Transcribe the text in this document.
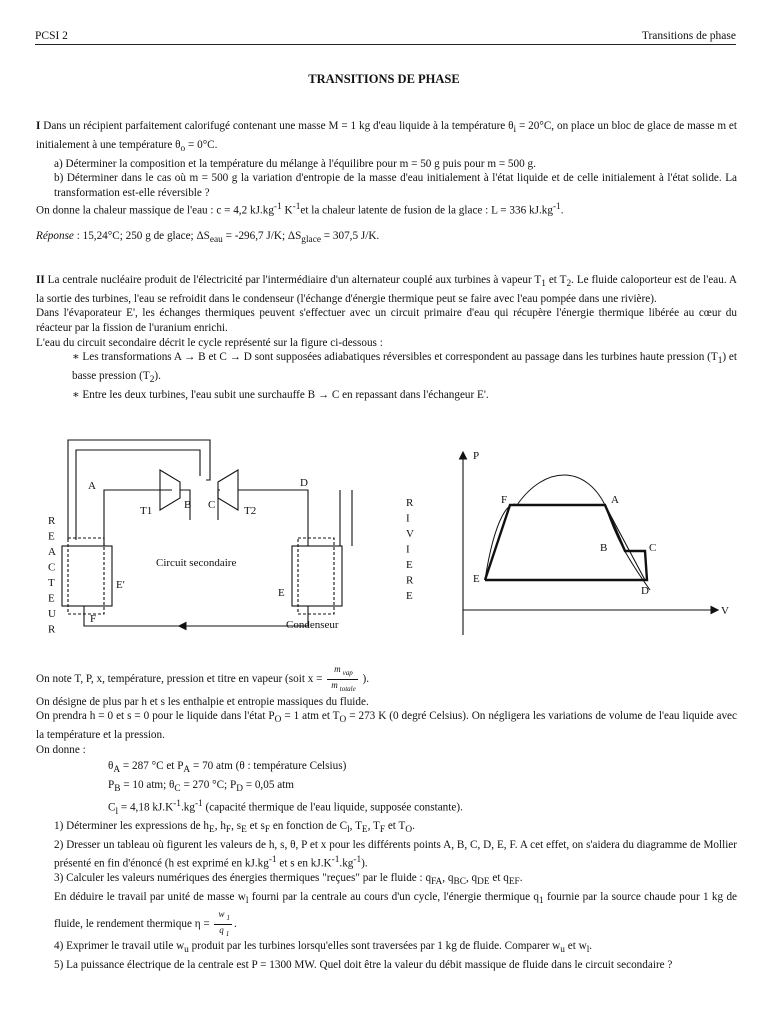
PCSI 2	Transitions de phase
TRANSITIONS DE PHASE

I Dans un récipient parfaitement calorifugé contenant une masse M = 1 kg d'eau liquide à la température $\theta_i = 20^\circ C$, on place un bloc de glace de masse m et initialement à une température $\theta_o = 0^\circ C$.

a) Déterminer la composition et la température du mélange à l'équilibre pour m = 50 g puis pour m = 500 g.

b) Déterminer dans le cas où m = 500 g la variation d'entropie de la masse d'eau initialement à l'état liquide et de celle initialement à l'état solide. La transformation est-elle réversible ?

On donne la chaleur massique de l'eau : c = 4,2 $kJ.kg^{-1}$ $K^{-1}et$ la chaleur latente de fusion de la glace : L = 336 $kJ.kg^{-1}$.

Réponse : 15,24°C; 250 g de glace; $\Delta S_{eau} = -296,7$ J/K; $\Delta S_{glace} = 307,5$ J/K.

II La centrale nucléaire produit de l'électricité par l'intermédiaire d'un alternateur couplé aux turbines à vapeur $T_1$ et $T_2$. Le fluide caloporteur est de l'eau. A la sortie des turbines, l'eau se refroidit dans le condenseur (l'échange d'énergie thermique peut se faire avec l'eau pompée dans une rivière).

Dans l'évaporateur E', les échanges thermiques peuvent s'effectuer avec un circuit primaire d'eau qui récupère l'énergie thermique libérée au cœur du réacteur par la fission de l'uranium enrichi.

L'eau du circuit secondaire décrit le cycle représenté sur la figure ci-dessous :

∗ Les transformations A → B et C → D sont supposées adiabatiques réversibles et correspondent au passage dans les turbines haute pression $(T_1)$ et basse pression $(T_2)$.

∗ Entre les deux turbines, l'eau subit une surchauffe B → C en repassant dans l'échangeur E'.

A
T1	B C	T2
D
E'
E
F
Circuit secondaire
Condenseur
R
E
A
C
T
E
U
R
R
I
V
I
E
R
E
P
V
F	A
B	C
D
E

On note T, P, x, température, pression et titre en vapeur (soit $x = \frac{m _{vap}}{m _{totale}}$ ).

On désigne de plus par h et s les enthalpie et entropie massiques du fluide.

On prendra h = 0 et s = 0 pour le liquide dans l'état $P_O = 1$ atm et $T_O = 273$ K (0 degré Celsius). On négligera les variations de volume de l'eau liquide avec la température et la pression.

On donne :

$\theta_A = 287$ °C et $P_A = 70$ atm (θ : température Celsius)

$P_B = 10$ atm; $\theta_C = 270$ °C; $P_D = 0,05$ atm

$C_l = 4,18$ $kJ.K^{-1}.kg^{-1}$ (capacité thermique de l'eau liquide, supposée constante).

1) Déterminer les expressions de $h_E$, $h_F$, $s_E$ et $s_F$ en fonction de $C_l$, $T_E$, $T_F$ et $T_O$.

2) Dresser un tableau où figurent les valeurs de h, s, θ, P et x pour les différents points A, B, C, D, E, F. A cet effet, on s'aidera du diagramme de Mollier présenté en fin d'énoncé (h est exprimé en $kJ.kg^{-1}$ et s en $kJ.K^{-1}.kg^{-1}$).

3) Calculer les valeurs numériques des énergies thermiques "reçues" par le fluide : $q_{FA}$, $q_{BC}$, $q_{DE}$ et $q_{EF}$.

En déduire le travail par unité de masse $w_l$ fourni par la centrale au cours d'un cycle, l'énergie thermique $q_1$ fournie par la source chaude pour 1 kg de fluide, le rendement thermique $\eta = \frac{w _1}{q _1}$ .

4) Exprimer le travail utile $w_u$ produit par les turbines lorsqu'elles sont traversées par 1 kg de fluide. Comparer $w_u$ et $w_l$.

5) La puissance électrique de la centrale est P = 1300 MW. Quel doit être la valeur du débit massique de fluide dans le circuit secondaire ?
